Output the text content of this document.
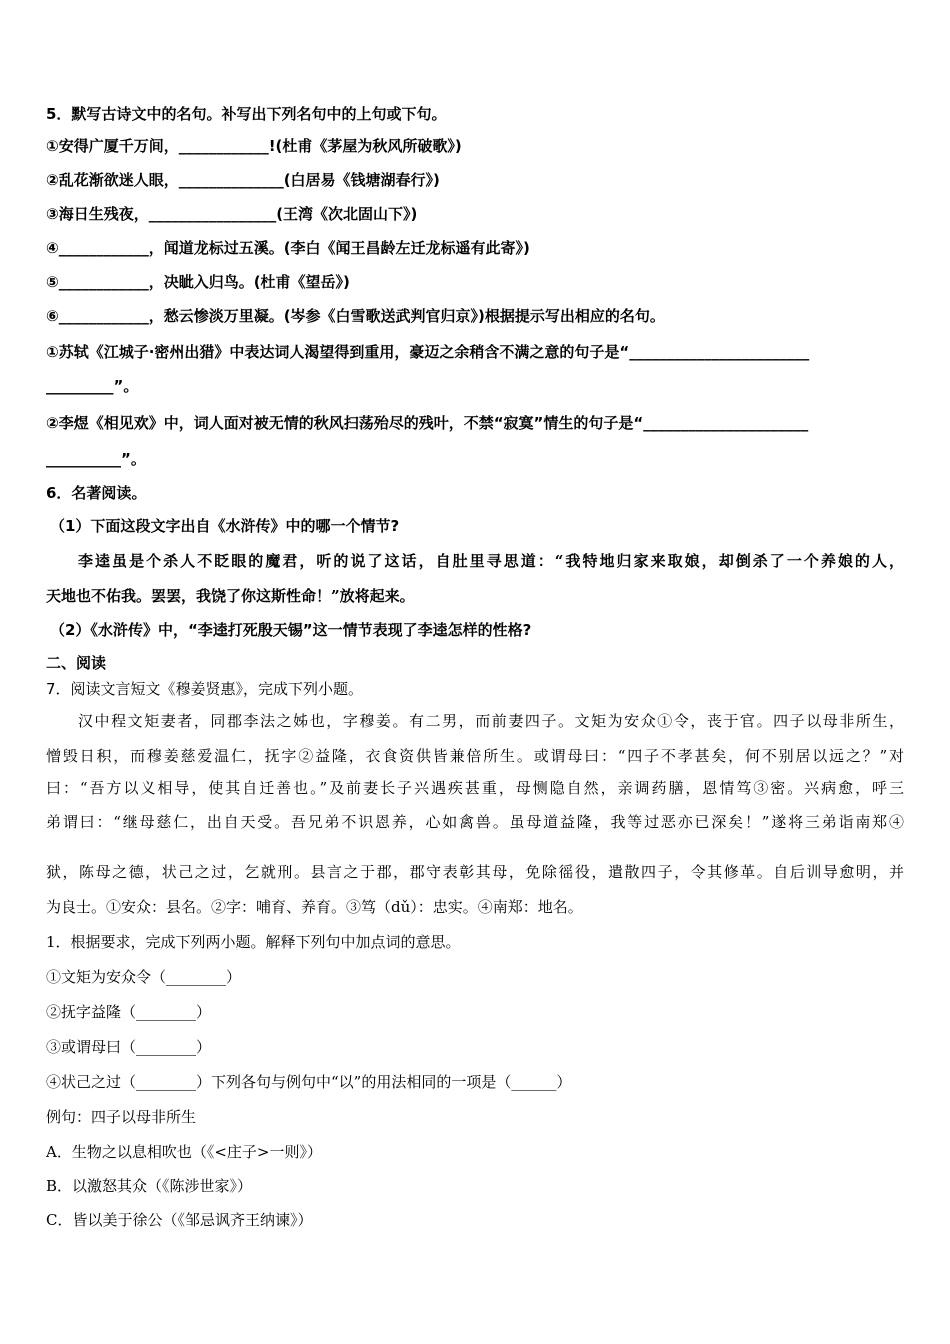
5．默写古诗文中的名句。补写出下列名句中的上句或下句。
①安得广厦千万间，____________!(杜甫《茅屋为秋风所破歌》)
②乱花渐欲迷人眼，______________(白居易《钱塘湖春行》)
③海日生残夜，_________________(王湾《次北固山下》)
④____________，闻道龙标过五溪。(李白《闻王昌龄左迁龙标遥有此寄》)
⑤____________，决眦入归鸟。(杜甫《望岳》)
⑥____________，愁云惨淡万里凝。(岑参《白雪歌送武判官归京》)根据提示写出相应的名句。
①苏轼《江城子·密州出猎》中表达词人渴望得到重用，豪迈之余稍含不满之意的句子是“________________________
_________”。
②李煜《相见欢》中，词人面对被无情的秋风扫荡殆尽的残叶，不禁“寂寞”情生的句子是“______________________
__________”。
6．名著阅读。
（1）下面这段文字出自《水浒传》中的哪一个情节?
李逵虽是个杀人不眨眼的魔君，听的说了这话，自肚里寻思道：“我特地归家来取娘，却倒杀了一个养娘的人，
天地也不佑我。罢罢，我饶了你这斯性命！”放将起来。
（2）《水浒传》中，“李逵打死殷天锡”这一情节表现了李逵怎样的性格?
二、阅读
7．阅读文言短文《穆姜贤惠》，完成下列小题。
汉中程文矩妻者，同郡李法之姊也，字穆姜。有二男，而前妻四子。文矩为安众①令，丧于官。四子以母非所生，
憎毁日积，而穆姜慈爱温仁，抚字②益隆，衣食资供皆兼倍所生。或谓母曰：“四子不孝甚矣，何不别居以远之？”对
曰：“吾方以义相导，使其自迁善也。”及前妻长子兴遇疾甚重，母恻隐自然，亲调药膳，恩情笃③密。兴病愈，呼三
弟谓曰：“继母慈仁，出自天受。吾兄弟不识恩养，心如禽兽。虽母道益隆，我等过恶亦已深矣！”遂将三弟诣南郑④
狱，陈母之德，状己之过，乞就刑。县言之于郡，郡守表彰其母，免除徭役，遣散四子，令其修革。自后训导愈明，并
为良士。①安众：县名。②字：哺育、养育。③笃（dǔ）：忠实。④南郑：地名。
1．根据要求，完成下列两小题。解释下列句中加点词的意思。
①文矩为安众令（________）
②抚字益隆（________）
③或谓母曰（________）
④状己之过（________）下列各句与例句中“以”的用法相同的一项是（______）
例句：四子以母非所生
A．生物之以息相吹也（《<庄子>一则》）
B．以激怒其众（《陈涉世家》）
C．皆以美于徐公（《邹忌讽齐王纳谏》）
